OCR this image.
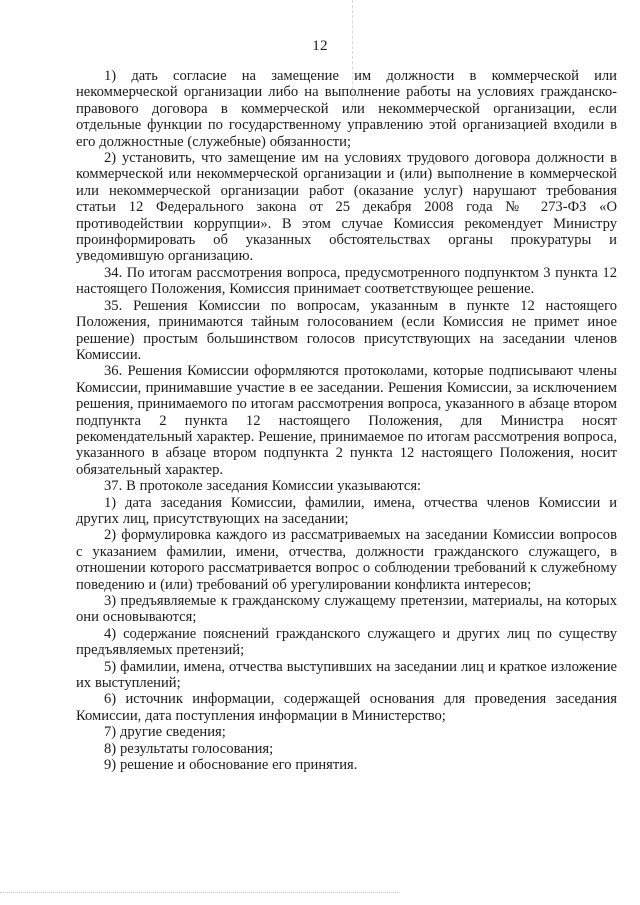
12

1) дать согласие на замещение им должности в коммерческой или некоммерческой организации либо на выполнение работы на условиях гражданско-правового договора в коммерческой или некоммерческой организации, если отдельные функции по государственному управлению этой организацией входили в его должностные (служебные) обязанности;

2) установить, что замещение им на условиях трудового договора должности в коммерческой или некоммерческой организации и (или) выполнение в коммерческой или некоммерческой организации работ (оказание услуг) нарушают требования статьи 12 Федерального закона от 25 декабря 2008 года № 273-ФЗ «О противодействии коррупции». В этом случае Комиссия рекомендует Министру проинформировать об указанных обстоятельствах органы прокуратуры и уведомившую организацию.

34. По итогам рассмотрения вопроса, предусмотренного подпунктом 3 пункта 12 настоящего Положения, Комиссия принимает соответствующее решение.

35. Решения Комиссии по вопросам, указанным в пункте 12 настоящего Положения, принимаются тайным голосованием (если Комиссия не примет иное решение) простым большинством голосов присутствующих на заседании членов Комиссии.

36. Решения Комиссии оформляются протоколами, которые подписывают члены Комиссии, принимавшие участие в ее заседании. Решения Комиссии, за исключением решения, принимаемого по итогам рассмотрения вопроса, указанного в абзаце втором подпункта 2 пункта 12 настоящего Положения, для Министра носят рекомендательный характер. Решение, принимаемое по итогам рассмотрения вопроса, указанного в абзаце втором подпункта 2 пункта 12 настоящего Положения, носит обязательный характер.

37. В протоколе заседания Комиссии указываются:

1) дата заседания Комиссии, фамилии, имена, отчества членов Комиссии и других лиц, присутствующих на заседании;

2) формулировка каждого из рассматриваемых на заседании Комиссии вопросов с указанием фамилии, имени, отчества, должности гражданского служащего, в отношении которого рассматривается вопрос о соблюдении требований к служебному поведению и (или) требований об урегулировании конфликта интересов;

3) предъявляемые к гражданскому служащему претензии, материалы, на которых они основываются;

4) содержание пояснений гражданского служащего и других лиц по существу предъявляемых претензий;

5) фамилии, имена, отчества выступивших на заседании лиц и краткое изложение их выступлений;

6) источник информации, содержащей основания для проведения заседания Комиссии, дата поступления информации в Министерство;

7) другие сведения;

8) результаты голосования;

9) решение и обоснование его принятия.
